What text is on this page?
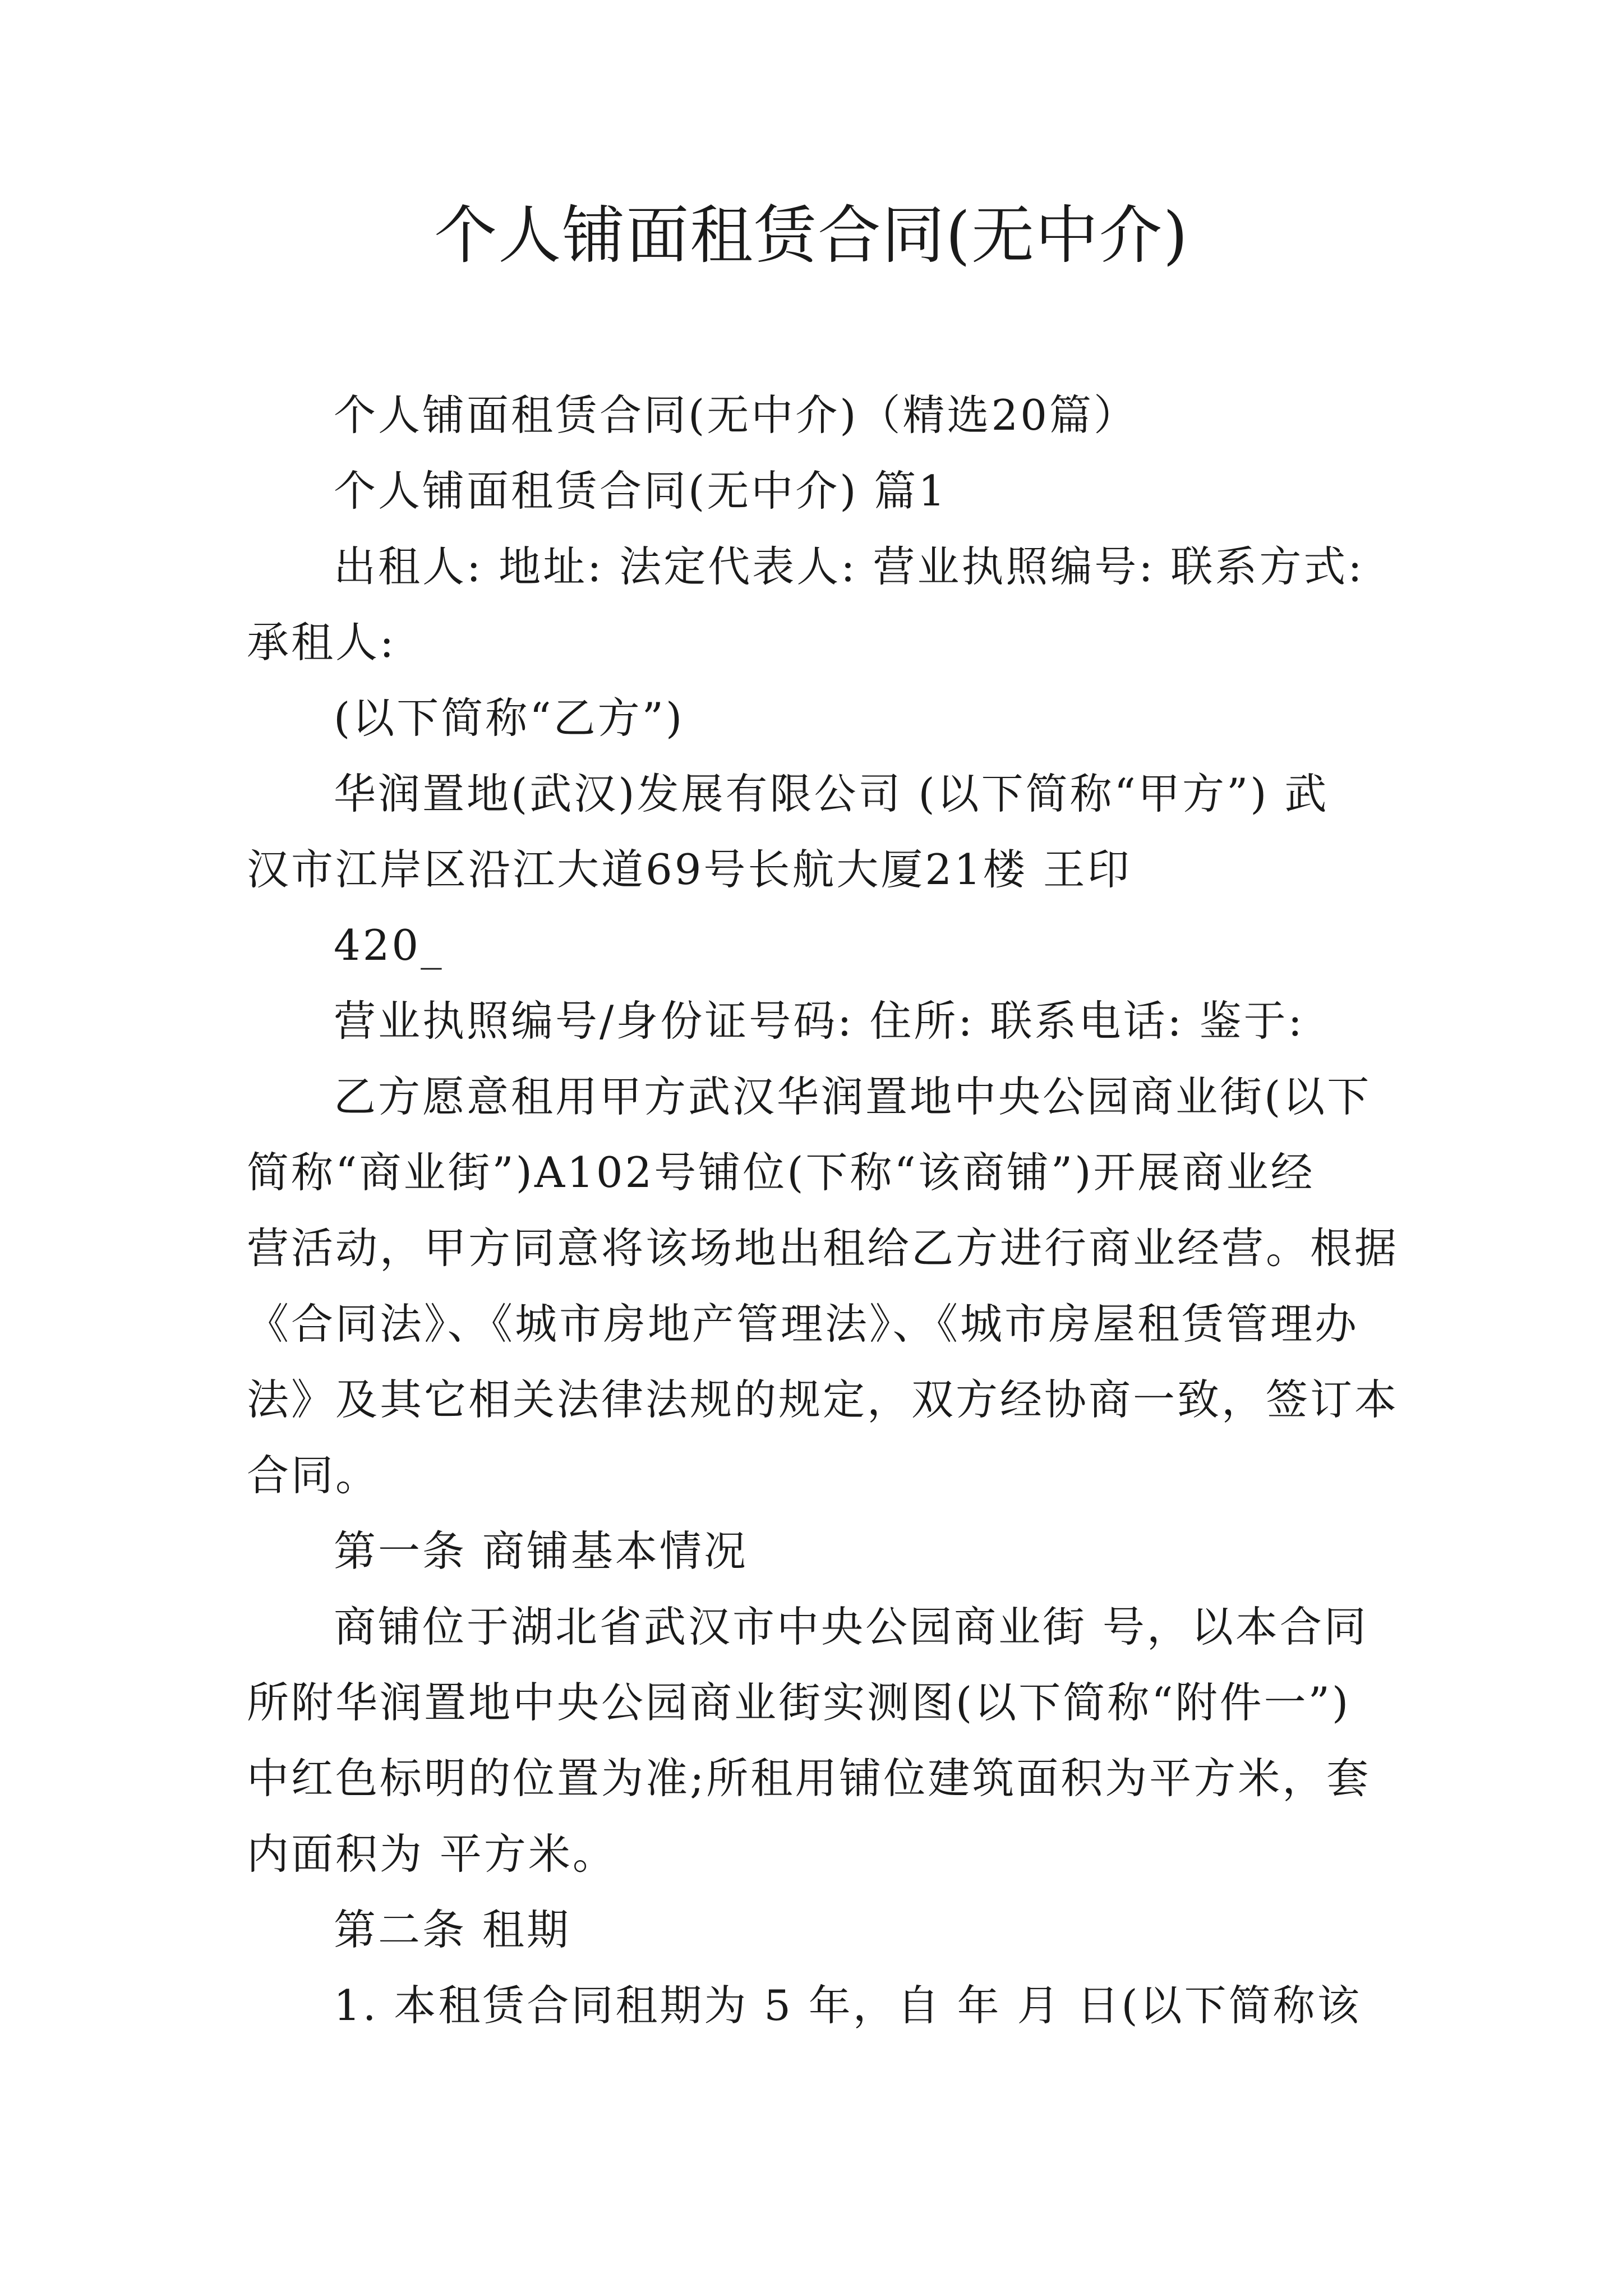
个人铺面租赁合同(无中介)

个人铺面租赁合同(无中介)（精选20篇）

个人铺面租赁合同(无中介) 篇1

出租人: 地址: 法定代表人: 营业执照编号: 联系方式:

承租人:

(以下简称“乙方”)

华润置地(武汉)发展有限公司 (以下简称“甲方”) 武

汉市江岸区沿江大道69号长航大厦21楼 王印

420_

营业执照编号/身份证号码: 住所: 联系电话: 鉴于:

乙方愿意租用甲方武汉华润置地中央公园商业街(以下

简称“商业街”)A102号铺位(下称“该商铺”)开展商业经

营活动，甲方同意将该场地出租给乙方进行商业经营。根据

《合同法》、《城市房地产管理法》、《城市房屋租赁管理办

法》及其它相关法律法规的规定，双方经协商一致，签订本

合同。

第一条 商铺基本情况

商铺位于湖北省武汉市中央公园商业街 号，以本合同

所附华润置地中央公园商业街实测图(以下简称“附件一”)

中红色标明的位置为准;所租用铺位建筑面积为平方米，套

内面积为 平方米。

第二条 租期

1. 本租赁合同租期为 5 年，自 年 月 日(以下简称该
